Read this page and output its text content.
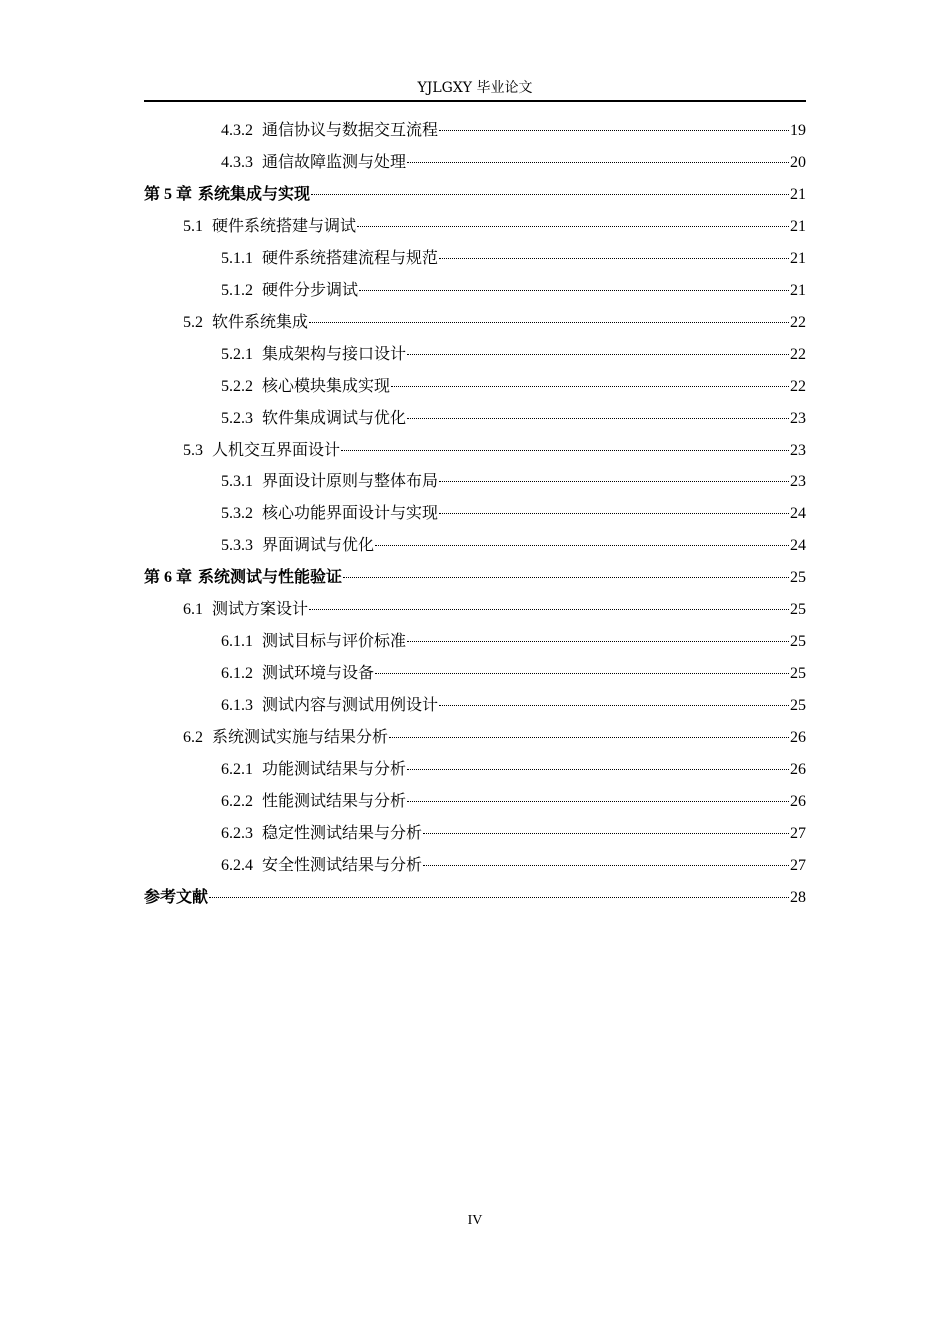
YJLGXY 毕业论文
4.3.2 通信协议与数据交互流程	19
4.3.3 通信故障监测与处理	20
第 5 章 系统集成与实现	21
5.1 硬件系统搭建与调试	21
5.1.1 硬件系统搭建流程与规范	21
5.1.2 硬件分步调试	21
5.2 软件系统集成	22
5.2.1 集成架构与接口设计	22
5.2.2 核心模块集成实现	22
5.2.3 软件集成调试与优化	23
5.3 人机交互界面设计	23
5.3.1 界面设计原则与整体布局	23
5.3.2 核心功能界面设计与实现	24
5.3.3 界面调试与优化	24
第 6 章 系统测试与性能验证	25
6.1 测试方案设计	25
6.1.1 测试目标与评价标准	25
6.1.2 测试环境与设备	25
6.1.3 测试内容与测试用例设计	25
6.2 系统测试实施与结果分析	26
6.2.1 功能测试结果与分析	26
6.2.2 性能测试结果与分析	26
6.2.3 稳定性测试结果与分析	27
6.2.4 安全性测试结果与分析	27
参考文献	28
IV
